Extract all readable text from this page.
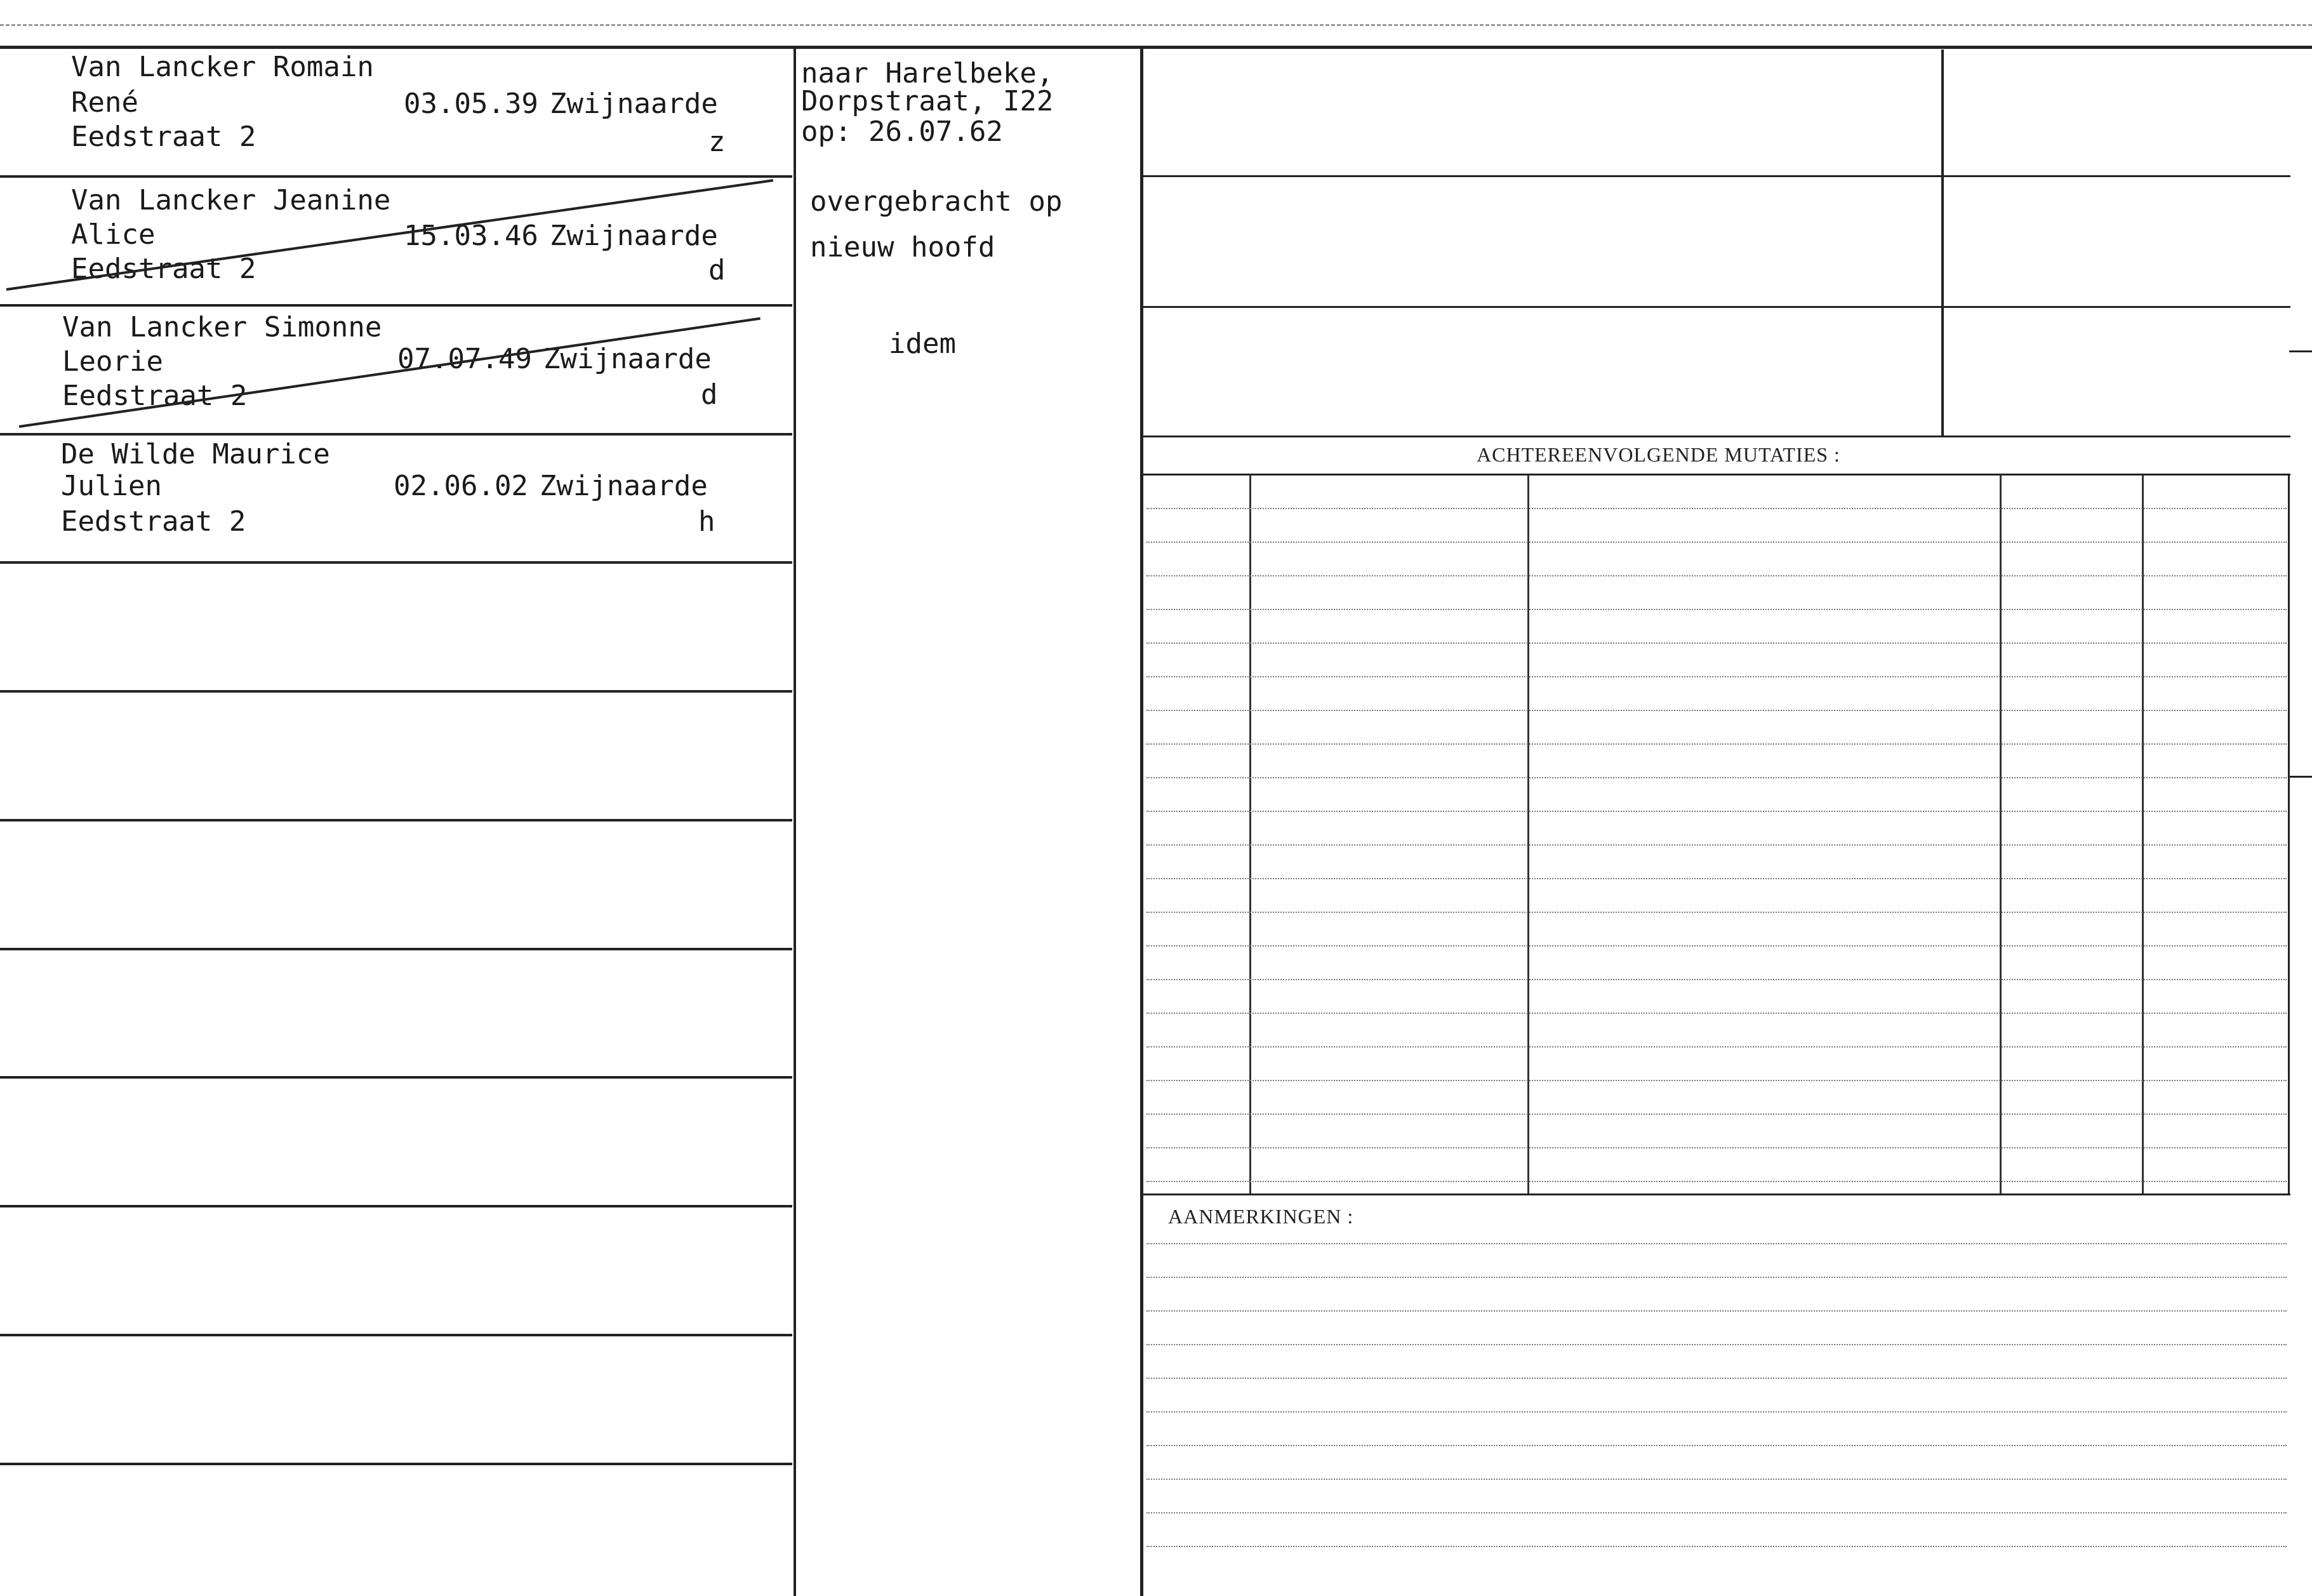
Van Lancker Romain
René	03.05.39 Zwijnaarde
Eedstraat 2	z
naar Harelbeke,
Dorpstraat, I22
op: 26.07.62
Van Lancker Jeanine
Alice	15.03.46 Zwijnaarde
Eedstraat 2	d
overgebracht op
nieuw hoofd
Van Lancker Simonne
Leorie	07.07.49 Zwijnaarde
Eedstraat 2	d
idem
De Wilde Maurice
Julien	02.06.02 Zwijnaarde
Eedstraat 2	h
ACHTEREENVOLGENDE MUTATIES :
AANMERKINGEN :
